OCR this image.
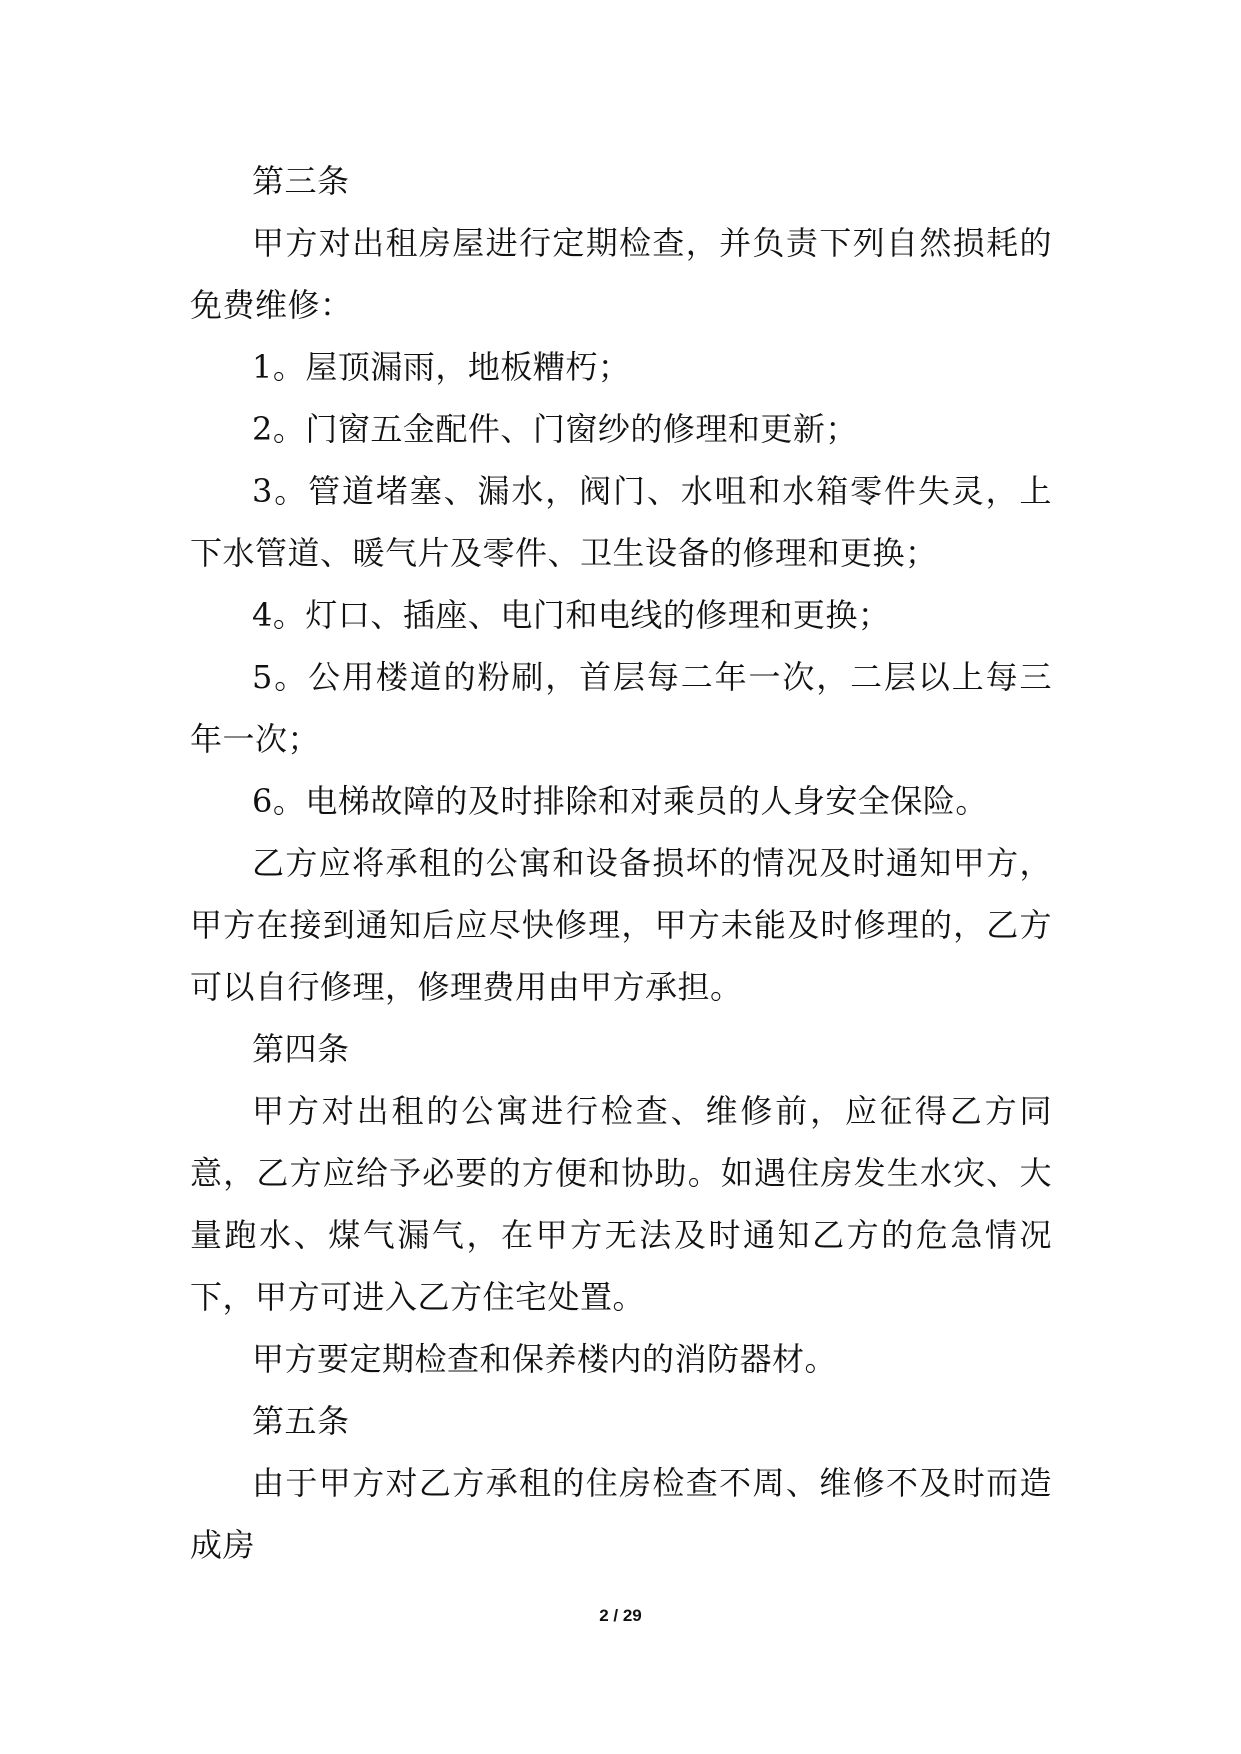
第三条

甲方对出租房屋进行定期检查，并负责下列自然损耗的免费维修：

1。屋顶漏雨，地板糟朽；

2。门窗五金配件、门窗纱的修理和更新；

3。管道堵塞、漏水，阀门、水咀和水箱零件失灵，上下水管道、暖气片及零件、卫生设备的修理和更换；

4。灯口、插座、电门和电线的修理和更换；

5。公用楼道的粉刷，首层每二年一次，二层以上每三年一次；

6。电梯故障的及时排除和对乘员的人身安全保险。

乙方应将承租的公寓和设备损坏的情况及时通知甲方，甲方在接到通知后应尽快修理，甲方未能及时修理的，乙方可以自行修理，修理费用由甲方承担。

第四条

甲方对出租的公寓进行检查、维修前，应征得乙方同意，乙方应给予必要的方便和协助。如遇住房发生水灾、大量跑水、煤气漏气，在甲方无法及时通知乙方的危急情况下，甲方可进入乙方住宅处置。

甲方要定期检查和保养楼内的消防器材。

第五条

由于甲方对乙方承租的住房检查不周、维修不及时而造成房

2 / 29
